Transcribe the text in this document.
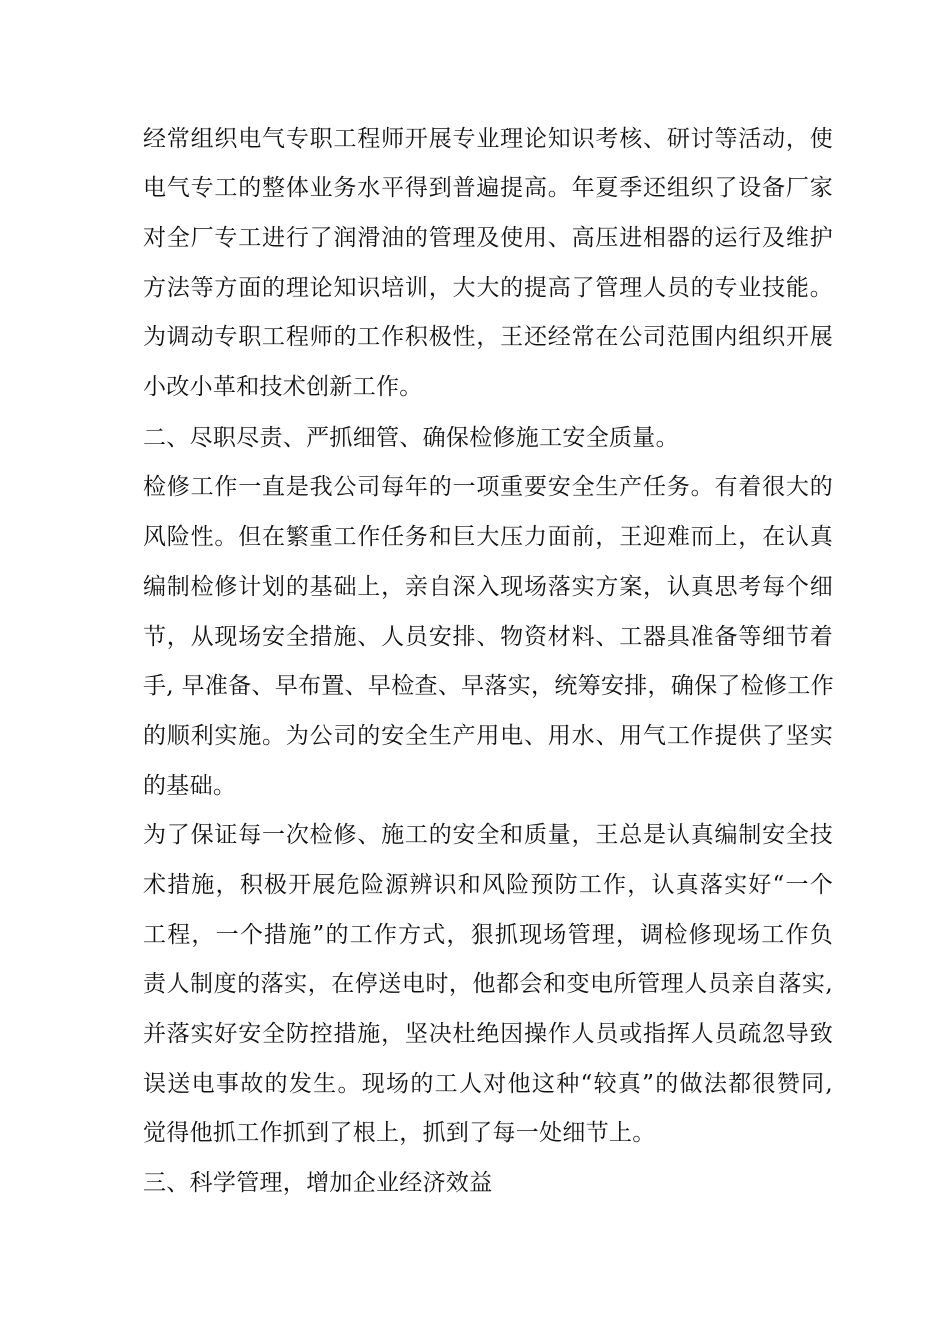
经常组织电气专职工程师开展专业理论知识考核、研讨等活动，使
电气专工的整体业务水平得到普遍提高。年夏季还组织了设备厂家
对全厂专工进行了润滑油的管理及使用、高压进相器的运行及维护
方法等方面的理论知识培训，大大的提高了管理人员的专业技能。
为调动专职工程师的工作积极性，王还经常在公司范围内组织开展
小改小革和技术创新工作。
二、尽职尽责、严抓细管、确保检修施工安全质量。
检修工作一直是我公司每年的一项重要安全生产任务。有着很大的
风险性。但在繁重工作任务和巨大压力面前，王迎难而上，在认真
编制检修计划的基础上，亲自深入现场落实方案，认真思考每个细
节，从现场安全措施、人员安排、物资材料、工器具准备等细节着
手, 早准备、早布置、早检查、早落实，统筹安排，确保了检修工作
的顺利实施。为公司的安全生产用电、用水、用气工作提供了坚实
的基础。
为了保证每一次检修、施工的安全和质量，王总是认真编制安全技
术措施，积极开展危险源辨识和风险预防工作，认真落实好“一个
工程，一个措施”的工作方式，狠抓现场管理，调检修现场工作负
责人制度的落实，在停送电时，他都会和变电所管理人员亲自落实,
并落实好安全防控措施，坚决杜绝因操作人员或指挥人员疏忽导致
误送电事故的发生。现场的工人对他这种“较真”的做法都很赞同,
觉得他抓工作抓到了根上，抓到了每一处细节上。
三、科学管理，增加企业经济效益
